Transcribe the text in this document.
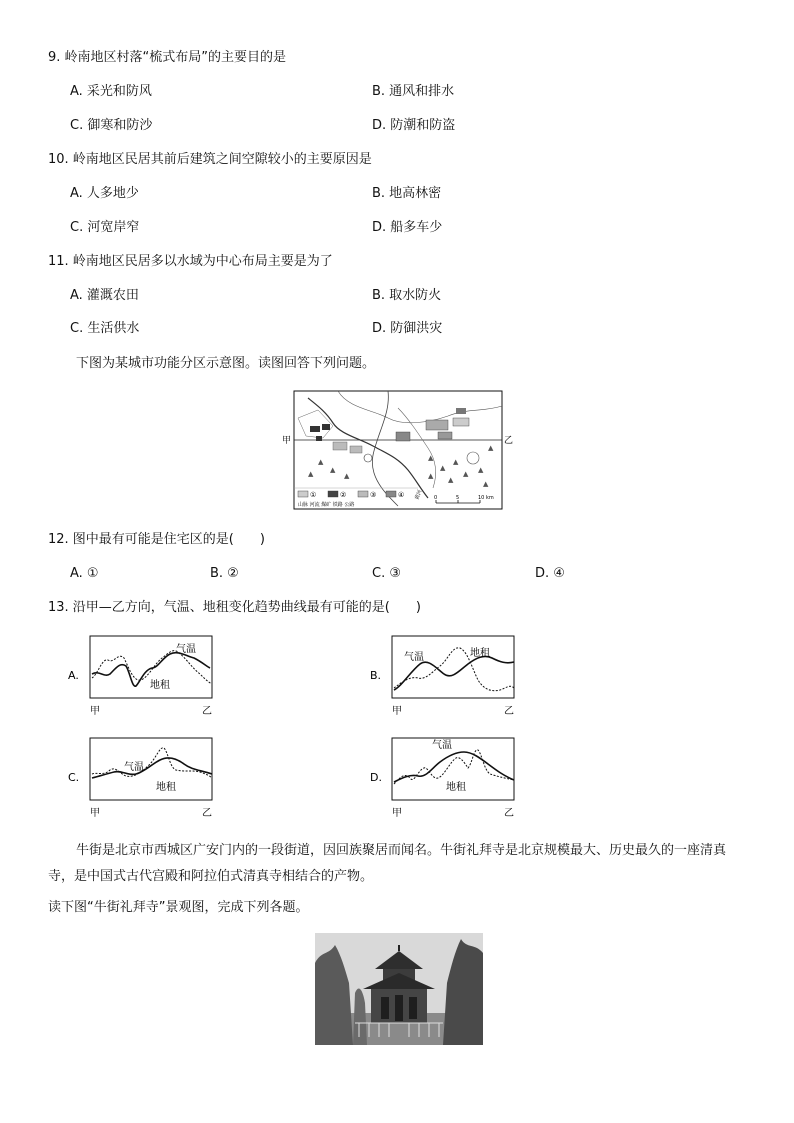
9. 岭南地区村落“梳式布局”的主要目的是
A. 采光和防风	B. 通风和排水
C. 御寒和防沙	D. 防潮和防盗
10. 岭南地区民居其前后建筑之间空隙较小的主要原因是
A. 人多地少	B. 地高林密
C. 河宽岸窄	D. 船多车少
11. 岭南地区民居多以水域为中心布局主要是为了
A. 灌溉农田	B. 取水防火
C. 生活供水	D. 防御洪灾
下图为某城市功能分区示意图。读图回答下列问题。
甲	乙
▲
▲
▲
▲ ▲
▲
▲
▲
▲
▲
▲
▲
▲
黄河
①	②	③	④
山脉 河流 煤矿 铁路 公路
0	5	10 km
12. 图中最有可能是住宅区的是(　　)
A. ①	B. ②	C. ③	D. ④
13. 沿甲—乙方向，气温、地租变化趋势曲线最有可能的是(　　)
A.
气温
地租
甲	乙
B.
气温	地租
甲	乙
C.
气温
地租
甲	乙
D.
气温
地租
甲	乙
牛街是北京市西城区广安门内的一段街道，因回族聚居而闻名。牛街礼拜寺是北京规模最大、历史最久的一座清真寺，是中国式古代宫殿和阿拉伯式清真寺相结合的产物。
读下图“牛街礼拜寺”景观图，完成下列各题。
